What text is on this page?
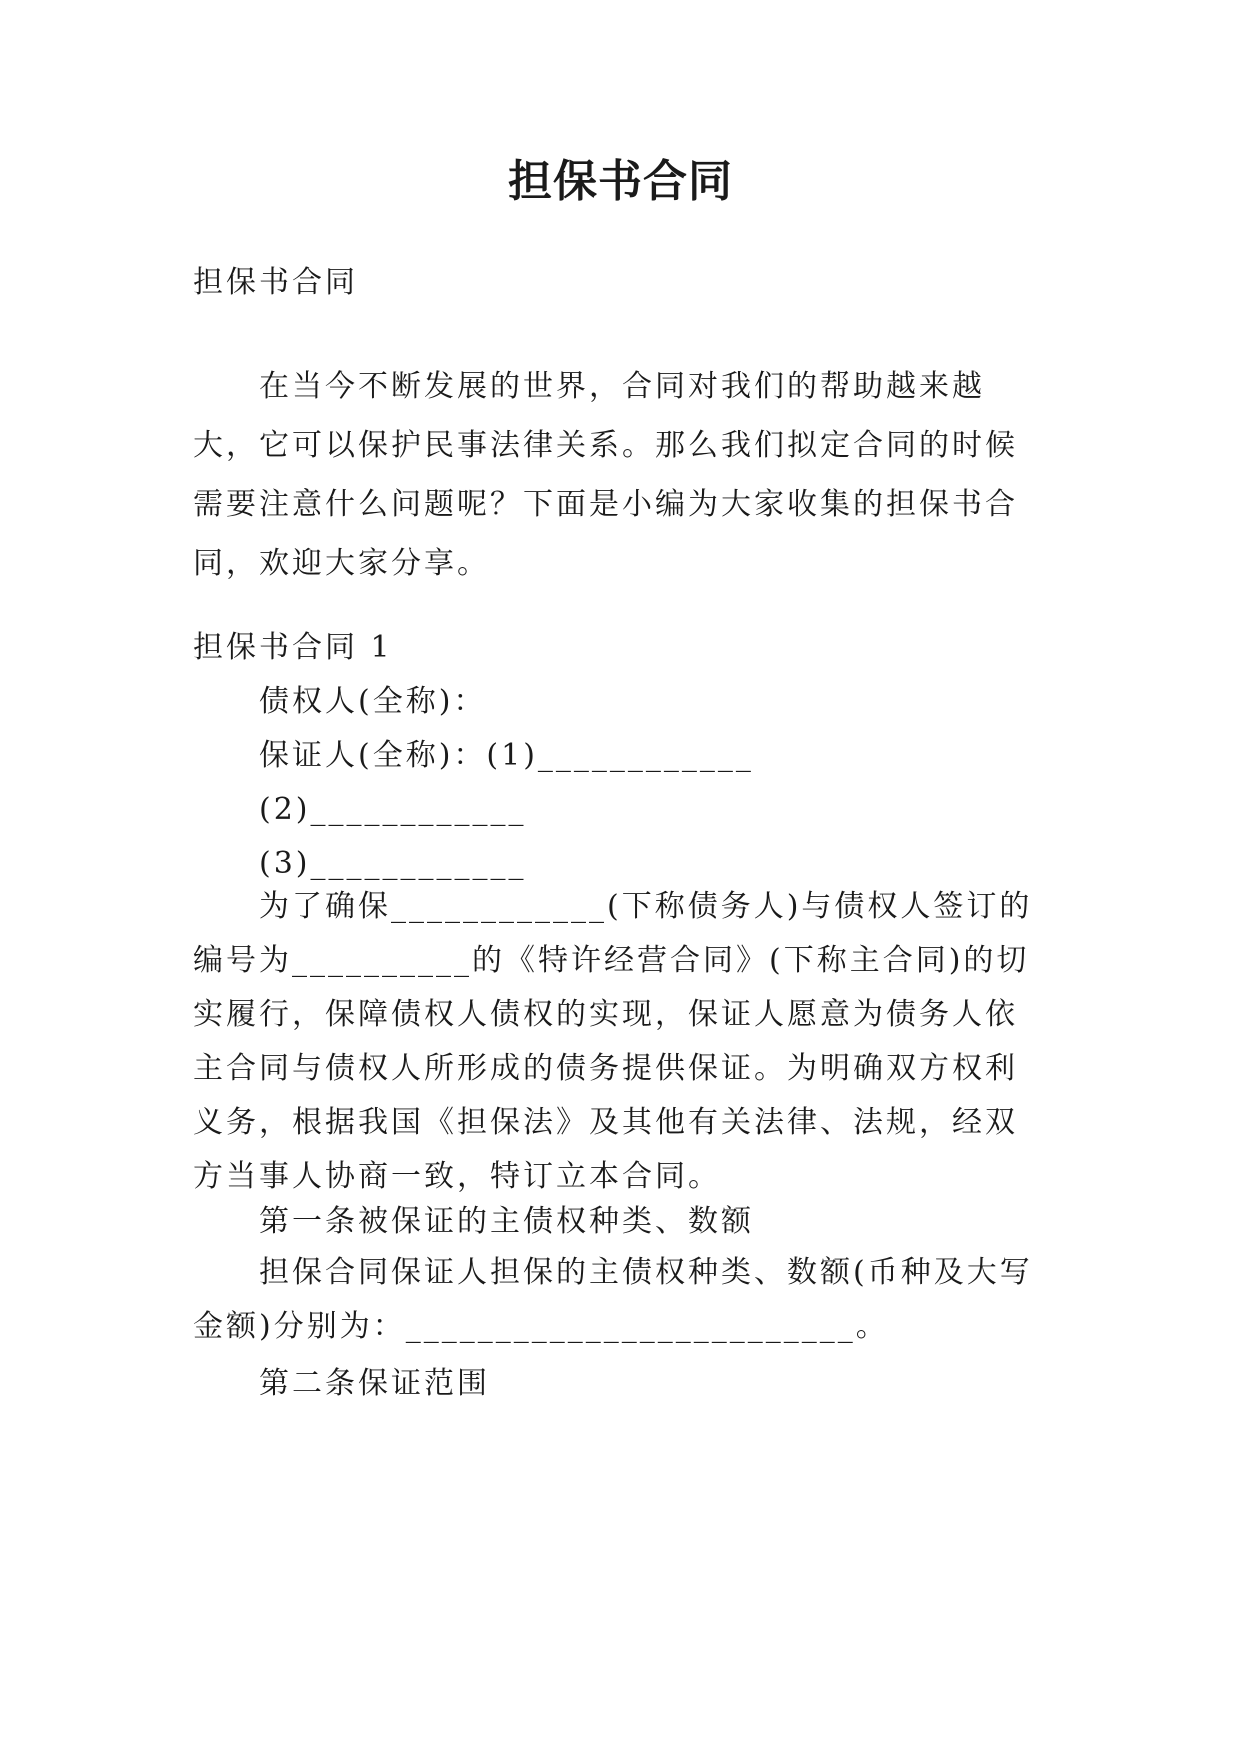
担保书合同
担保书合同
在当今不断发展的世界，合同对我们的帮助越来越大，它可以保护民事法律关系。那么我们拟定合同的时候需要注意什么问题呢？下面是小编为大家收集的担保书合同，欢迎大家分享。
担保书合同 1
债权人(全称)：
保证人(全称)：(1)____________
(2)____________
(3)____________
为了确保____________(下称债务人)与债权人签订的编号为__________的《特许经营合同》(下称主合同)的切实履行，保障债权人债权的实现，保证人愿意为债务人依主合同与债权人所形成的债务提供保证。为明确双方权利义务，根据我国《担保法》及其他有关法律、法规，经双方当事人协商一致，特订立本合同。
第一条被保证的主债权种类、数额
担保合同保证人担保的主债权种类、数额(币种及大写金额)分别为：_________________________。
第二条保证范围
